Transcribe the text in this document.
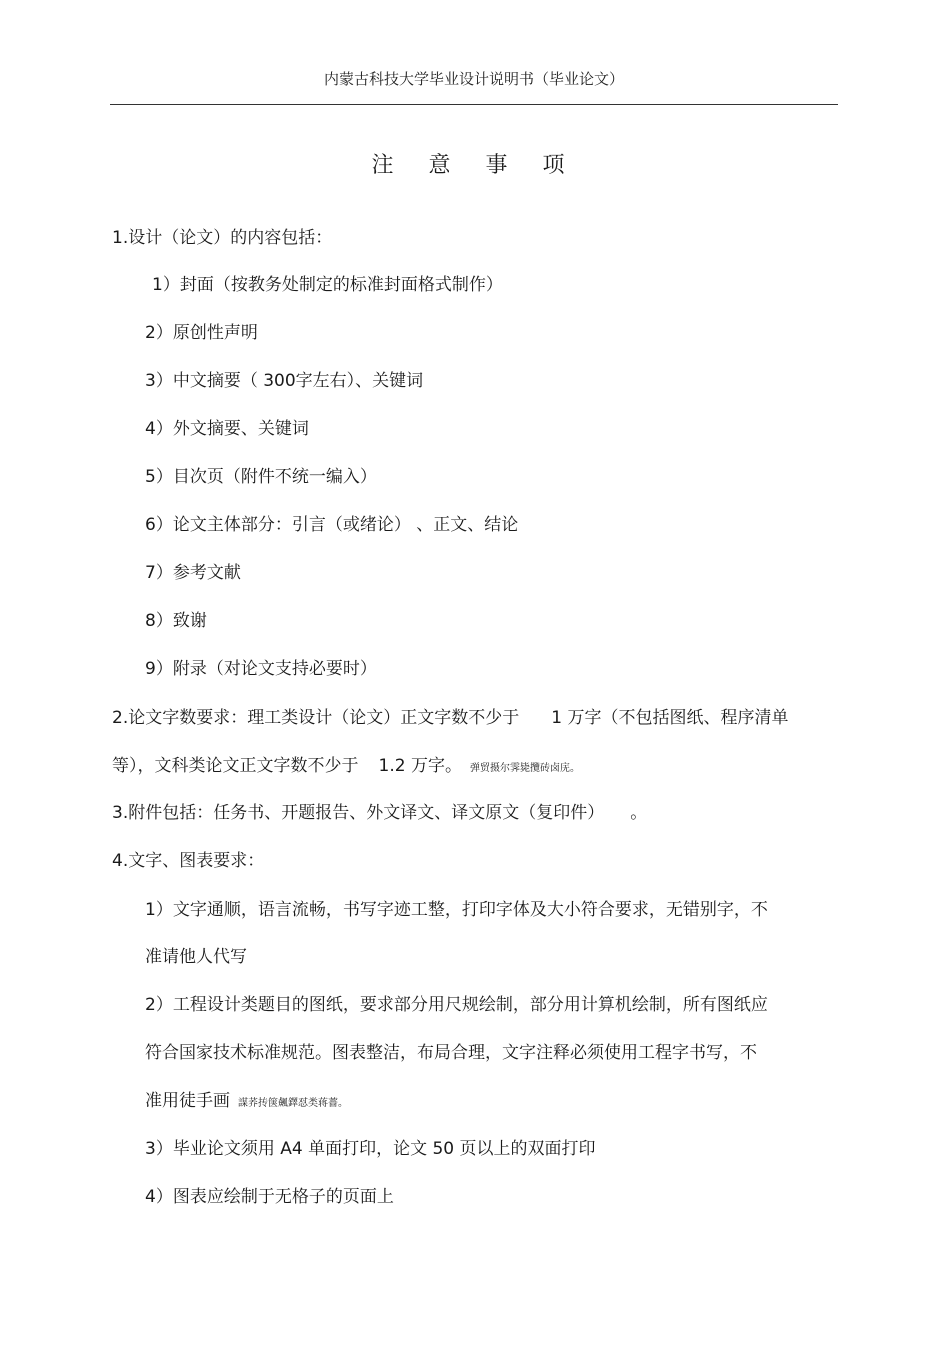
内蒙古科技大学毕业设计说明书（毕业论文）
注 意 事 项
1.设计（论文）的内容包括：
1）封面（按教务处制定的标准封面格式制作）
2）原创性声明
3）中文摘要（ 300字左右）、关键词
4）外文摘要、关键词
5）目次页（附件不统一编入）
6）论文主体部分：引言（或绪论） 、正文、结论
7）参考文献
8）致谢
9）附录（对论文支持必要时）
2.论文字数要求：理工类设计（论文）正文字数不少于 1 万字（不包括图纸、程序清单
等），文科类论文正文字数不少于 1.2 万字。 弹贸摄尔霁毙攬砖卤庑。
3.附件包括：任务书、开题报告、外文译文、译文原文（复印件） 。
4.文字、图表要求：
1）文字通顺，语言流畅，书写字迹工整，打印字体及大小符合要求，无错别字，不
准请他人代写
2）工程设计类题目的图纸，要求部分用尺规绘制，部分用计算机绘制，所有图纸应
符合国家技术标准规范。图表整洁，布局合理，文字注释必须使用工程字书写，不
准用徒手画 謀荞抟箧飆鐸怼类蒋薔。
3）毕业论文须用 A4 单面打印，论文 50 页以上的双面打印
4）图表应绘制于无格子的页面上
